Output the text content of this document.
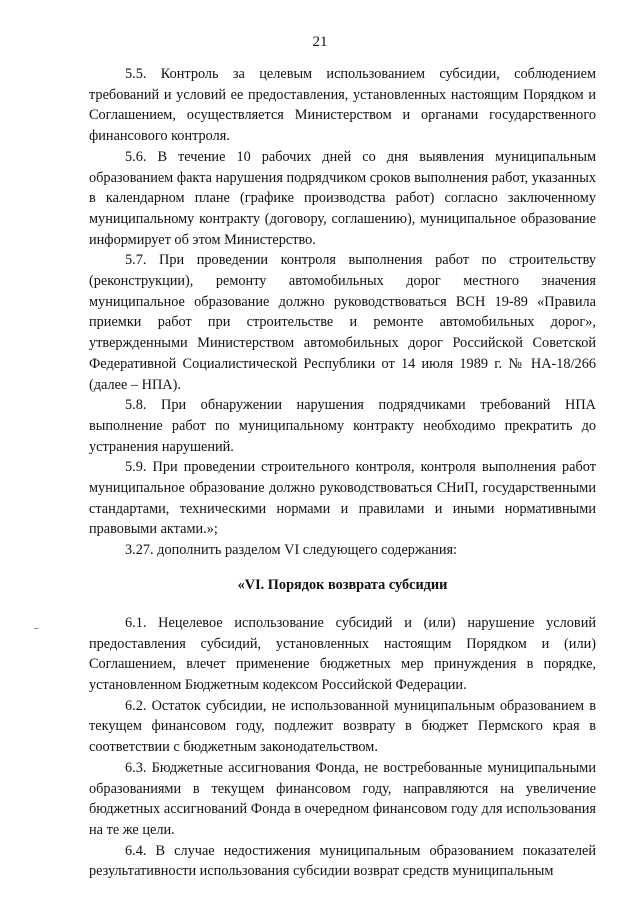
21

5.5. Контроль за целевым использованием субсидии, соблюдением требований и условий ее предоставления, установленных настоящим Порядком и Соглашением, осуществляется Министерством и органами государственного финансового контроля.

5.6. В течение 10 рабочих дней со дня выявления муниципальным образованием факта нарушения подрядчиком сроков выполнения работ, указанных в календарном плане (графике производства работ) согласно заключенному муниципальному контракту (договору, соглашению), муниципальное образование информирует об этом Министерство.

5.7. При проведении контроля выполнения работ по строительству (реконструкции), ремонту автомобильных дорог местного значения муниципальное образование должно руководствоваться ВСН 19-89 «Правила приемки работ при строительстве и ремонте автомобильных дорог», утвержденными Министерством автомобильных дорог Российской Советской Федеративной Социалистической Республики от 14 июля 1989 г. № НА-18/266 (далее – НПА).

5.8. При обнаружении нарушения подрядчиками требований НПА выполнение работ по муниципальному контракту необходимо прекратить до устранения нарушений.

5.9. При проведении строительного контроля, контроля выполнения работ муниципальное образование должно руководствоваться СНиП, государственными стандартами, техническими нормами и правилами и иными нормативными правовыми актами.»;

3.27. дополнить разделом VI следующего содержания:

«VI. Порядок возврата субсидии

6.1. Нецелевое использование субсидий и (или) нарушение условий предоставления субсидий, установленных настоящим Порядком и (или) Соглашением, влечет применение бюджетных мер принуждения в порядке, установленном Бюджетным кодексом Российской Федерации.

6.2. Остаток субсидии, не использованной муниципальным образованием в текущем финансовом году, подлежит возврату в бюджет Пермского края в соответствии с бюджетным законодательством.

6.3. Бюджетные ассигнования Фонда, не востребованные муниципальными образованиями в текущем финансовом году, направляются на увеличение бюджетных ассигнований Фонда в очередном финансовом году для использования на те же цели.

6.4. В случае недостижения муниципальным образованием показателей результативности использования субсидии возврат средств муниципальным
